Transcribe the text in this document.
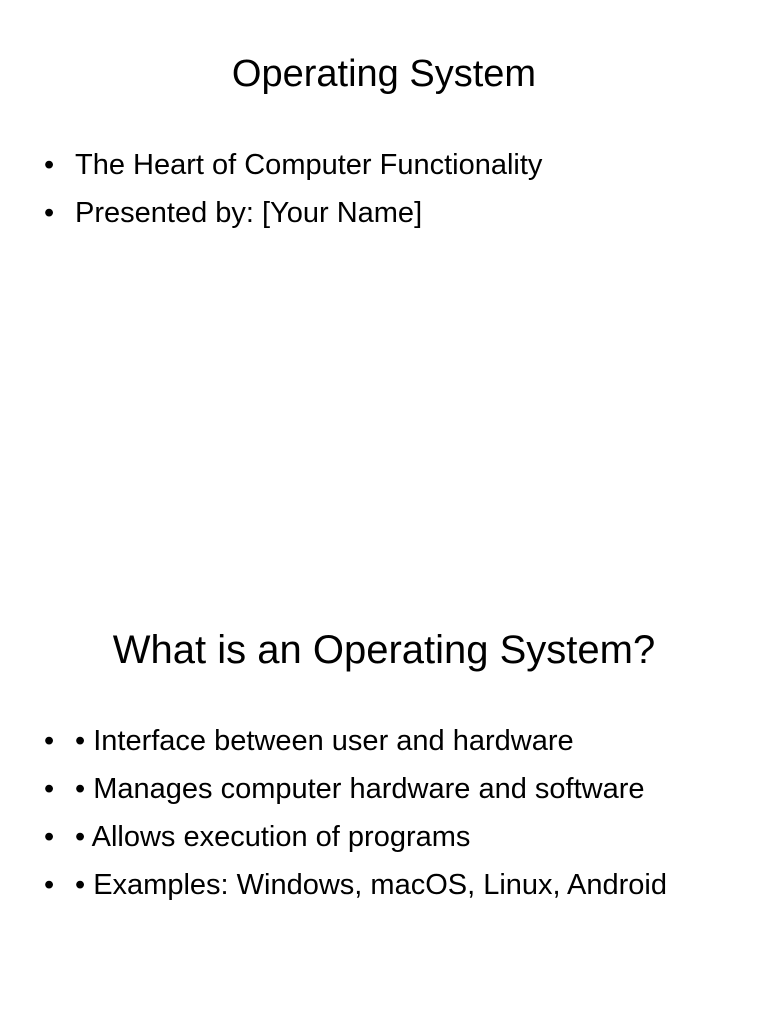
Operating System
• The Heart of Computer Functionality
• Presented by: [Your Name]
What is an Operating System?
• • Interface between user and hardware
• • Manages computer hardware and software
• • Allows execution of programs
• • Examples: Windows, macOS, Linux, Android
